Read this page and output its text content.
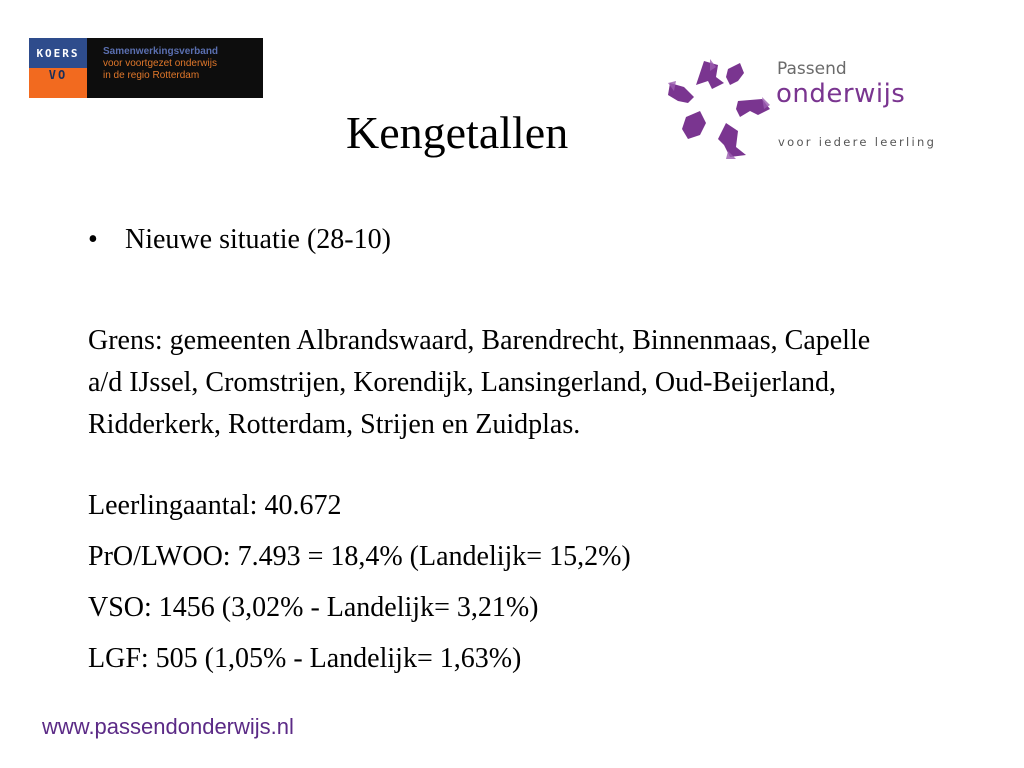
KOERS
VO
Samenwerkingsverband
voor voortgezet onderwijs
in de regio Rotterdam	Passend
onderwijs
voor iedere leerling
Kengetallen
• Nieuwe situatie (28-10)
Grens: gemeenten Albrandswaard, Barendrecht, Binnenmaas, Capelle a/d IJssel, Cromstrijen, Korendijk, Lansingerland, Oud-Beijerland, Ridderkerk, Rotterdam, Strijen en Zuidplas.
Leerlingaantal: 40.672
PrO/LWOO: 7.493 = 18,4% (Landelijk= 15,2%)
VSO: 1456 (3,02% - Landelijk= 3,21%)
LGF: 505 (1,05% - Landelijk= 1,63%)
www.passendonderwijs.nl
